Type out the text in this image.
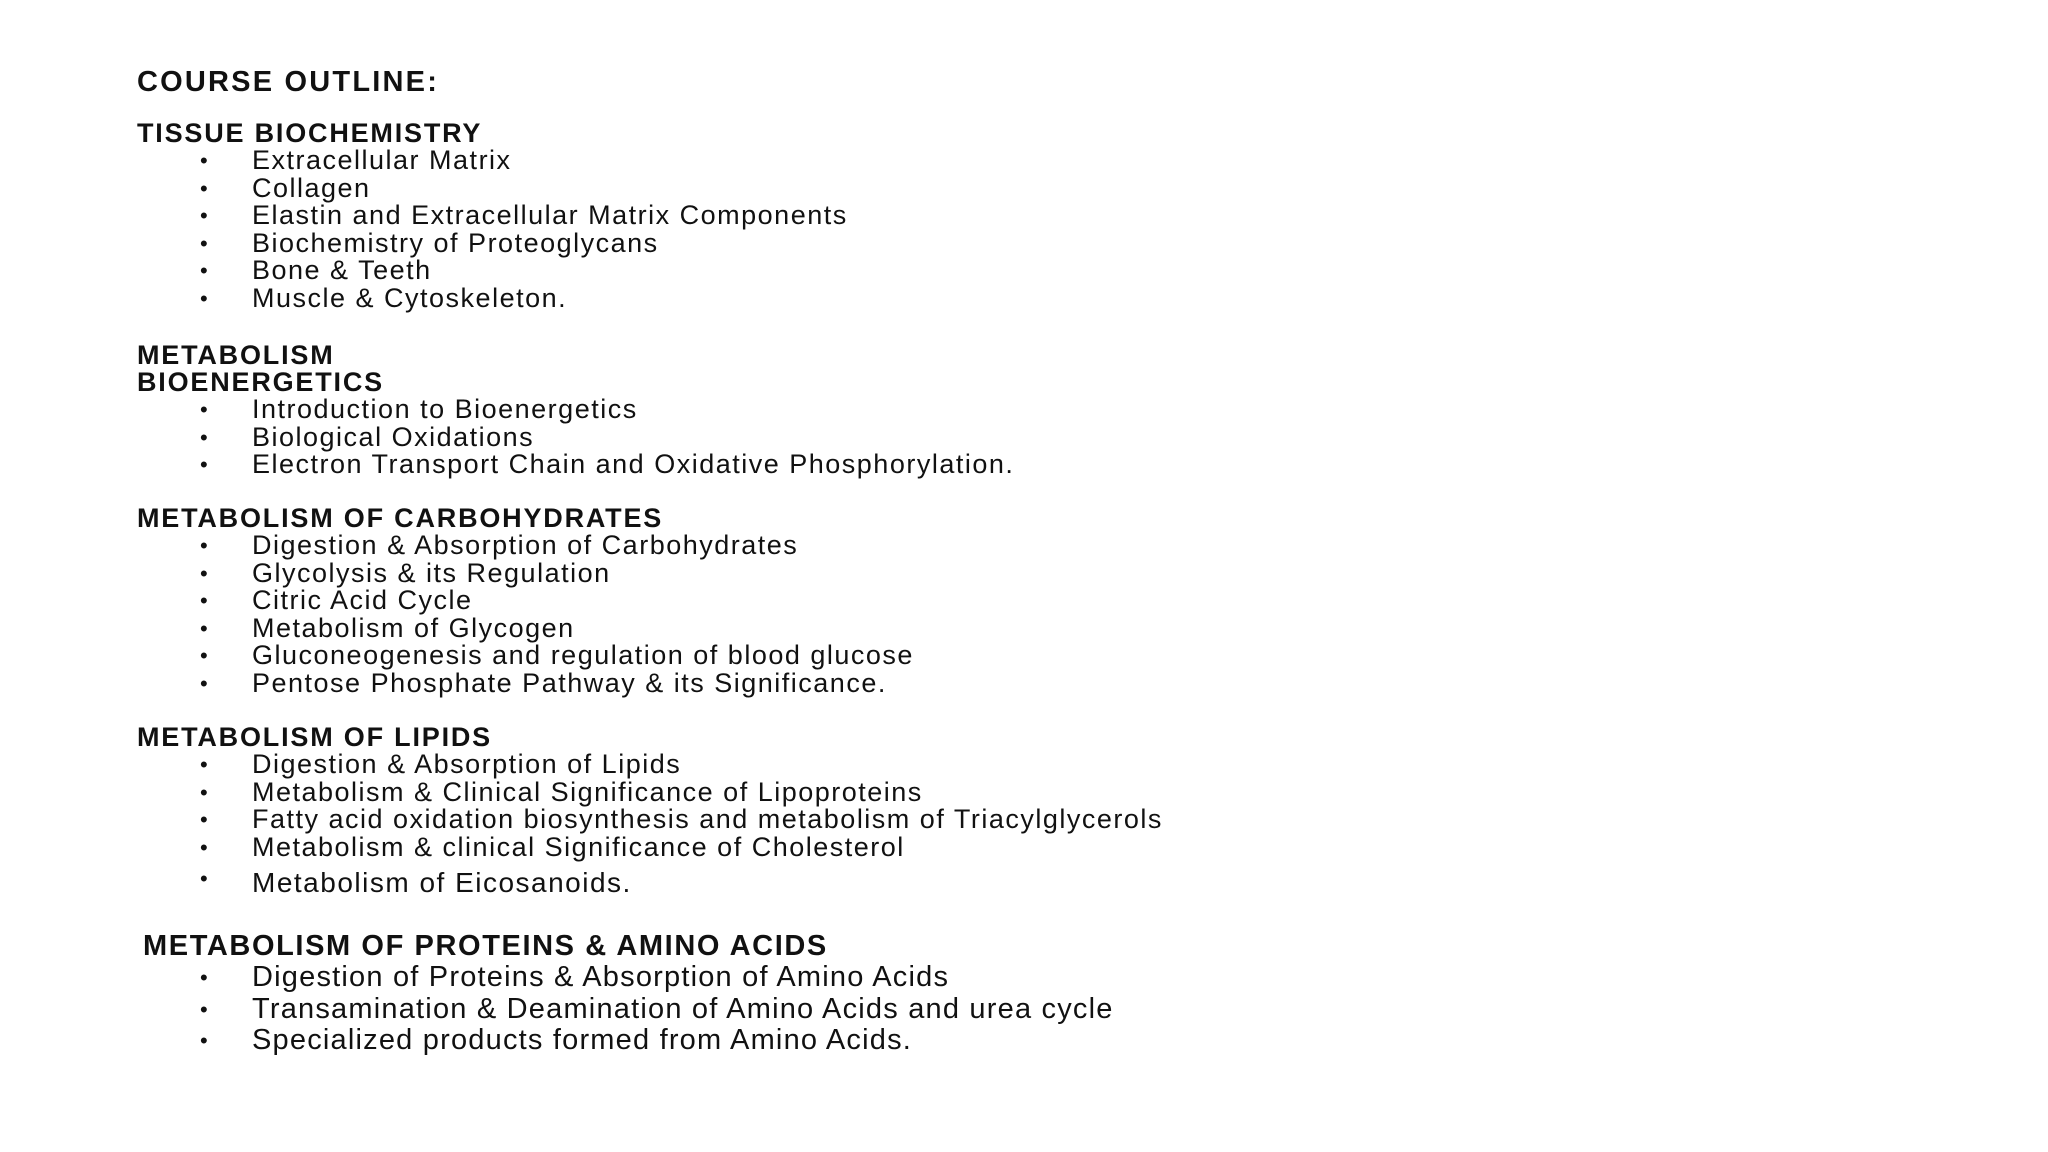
COURSE OUTLINE:
TISSUE BIOCHEMISTRY
• Extracellular Matrix
• Collagen
• Elastin and Extracellular Matrix Components
• Biochemistry of Proteoglycans
• Bone & Teeth
• Muscle & Cytoskeleton.
METABOLISM
BIOENERGETICS
• Introduction to Bioenergetics
• Biological Oxidations
• Electron Transport Chain and Oxidative Phosphorylation.
METABOLISM OF CARBOHYDRATES
• Digestion & Absorption of Carbohydrates
• Glycolysis & its Regulation
• Citric Acid Cycle
• Metabolism of Glycogen
• Gluconeogenesis and regulation of blood glucose
• Pentose Phosphate Pathway & its Significance.
METABOLISM OF LIPIDS
• Digestion & Absorption of Lipids
• Metabolism & Clinical Significance of Lipoproteins
• Fatty acid oxidation biosynthesis and metabolism of Triacylglycerols
• Metabolism & clinical Significance of Cholesterol
• Metabolism of Eicosanoids.
METABOLISM OF PROTEINS & AMINO ACIDS
• Digestion of Proteins & Absorption of Amino Acids
• Transamination & Deamination of Amino Acids and urea cycle
• Specialized products formed from Amino Acids.
